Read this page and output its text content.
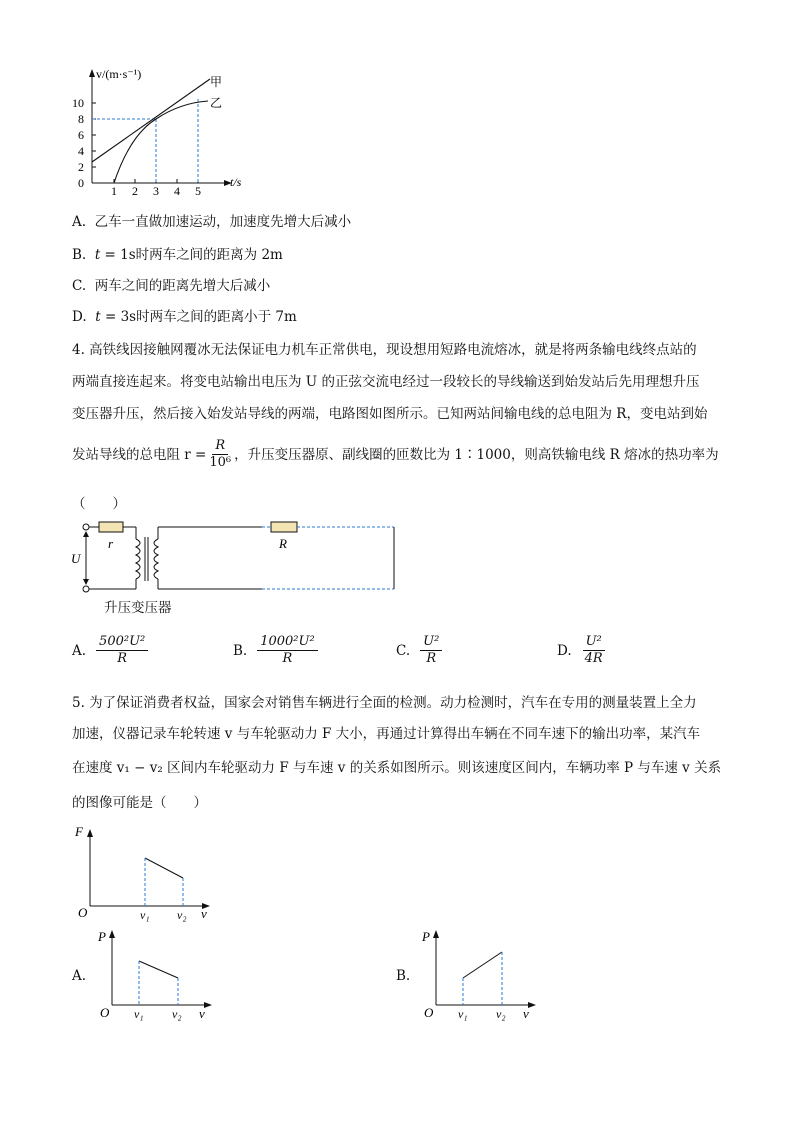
v/(m·s⁻¹)
t/s
甲
乙
10
8
6
4
2
0
1 2 3 4 5
A. 乙车一直做加速运动，加速度先增大后减小
B. t = 1s时两车之间的距离为 2m
C. 两车之间的距离先增大后减小
D. t = 3s时两车之间的距离小于 7m
4. 高铁线因接触网覆冰无法保证电力机车正常供电，现设想用短路电流熔冰，就是将两条输电线终点站的
两端直接连起来。将变电站输出电压为 U 的正弦交流电经过一段较长的导线输送到始发站后先用理想升压
变压器升压，然后接入始发站导线的两端，电路图如图所示。已知两站间输电线的总电阻为 R，变电站到始
发站导线的总电阻 $r = \frac{R}{\text{10⁶}}$ ，升压变压器原、副线圈的匝数比为 1∶1000，则高铁输电线 R 熔冰的热功率为
（　　）
r	R
U
升压变压器
A. $\frac{\text{500²U²}}{R}$	B. $\frac{\text{1000²U²}}{R}$	C. $\frac{\text{U²}}{R}$	D. $\frac{\text{U²}}{4R}$
5. 为了保证消费者权益，国家会对销售车辆进行全面的检测。动力检测时，汽车在专用的测量装置上全力
加速，仪器记录车轮转速 v 与车轮驱动力 F 大小，再通过计算得出车辆在不同车速下的输出功率，某汽车
在速度 v₁ − v₂ 区间内车轮驱动力 F 与车速 v 的关系如图所示。则该速度区间内，车辆功率 P 与车速 v 关系
的图像可能是（　　）
F
O	v₁ v₂ v
A.
P
O v₁ v₂ v
B.
P
O v₁ v₂ v
